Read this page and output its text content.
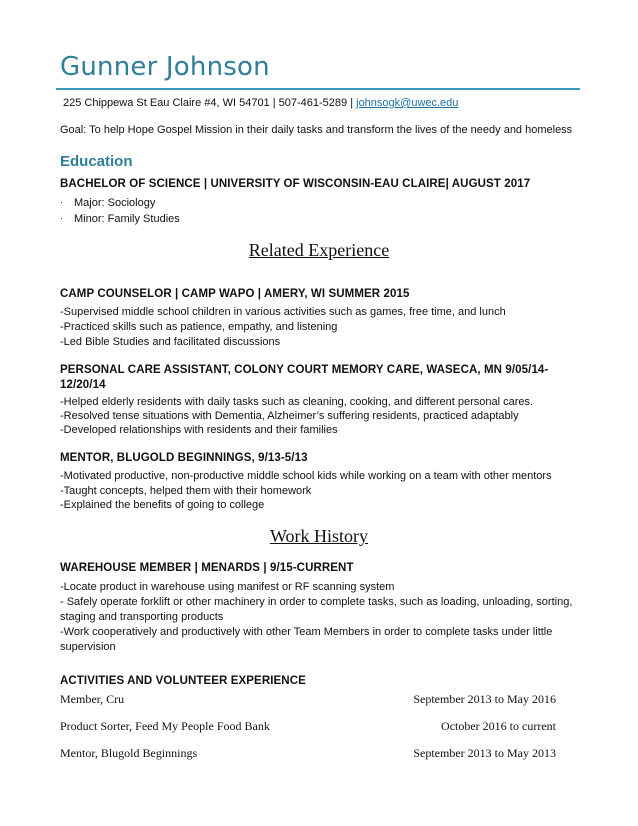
Gunner Johnson
225 Chippewa St Eau Claire #4, WI 54701 | 507-461-5289 | johnsogk@uwec.edu
Goal: To help Hope Gospel Mission in their daily tasks and transform the lives of the needy and homeless
Education
BACHELOR OF SCIENCE | UNIVERSITY OF WISCONSIN-EAU CLAIRE| AUGUST 2017
· Major: Sociology
· Minor: Family Studies
Related Experience
CAMP COUNSELOR | CAMP WAPO | AMERY, WI SUMMER 2015
-Supervised middle school children in various activities such as games, free time, and lunch
-Practiced skills such as patience, empathy, and listening
-Led Bible Studies and facilitated discussions
PERSONAL CARE ASSISTANT, COLONY COURT MEMORY CARE, WASECA, MN 9/05/14-
12/20/14
-Helped elderly residents with daily tasks such as cleaning, cooking, and different personal cares.
-Resolved tense situations with Dementia, Alzheimer’s suffering residents, practiced adaptably
-Developed relationships with residents and their families
MENTOR, BLUGOLD BEGINNINGS, 9/13-5/13
-Motivated productive, non-productive middle school kids while working on a team with other mentors
-Taught concepts, helped them with their homework
-Explained the benefits of going to college
Work History
WAREHOUSE MEMBER | MENARDS | 9/15-CURRENT
-Locate product in warehouse using manifest or RF scanning system
- Safely operate forklift or other machinery in order to complete tasks, such as loading, unloading, sorting,
staging and transporting products
-Work cooperatively and productively with other Team Members in order to complete tasks under little
supervision
ACTIVITIES AND VOLUNTEER EXPERIENCE
Member, Cru	September 2013 to May 2016
Product Sorter, Feed My People Food Bank	October 2016 to current
Mentor, Blugold Beginnings	September 2013 to May 2013
